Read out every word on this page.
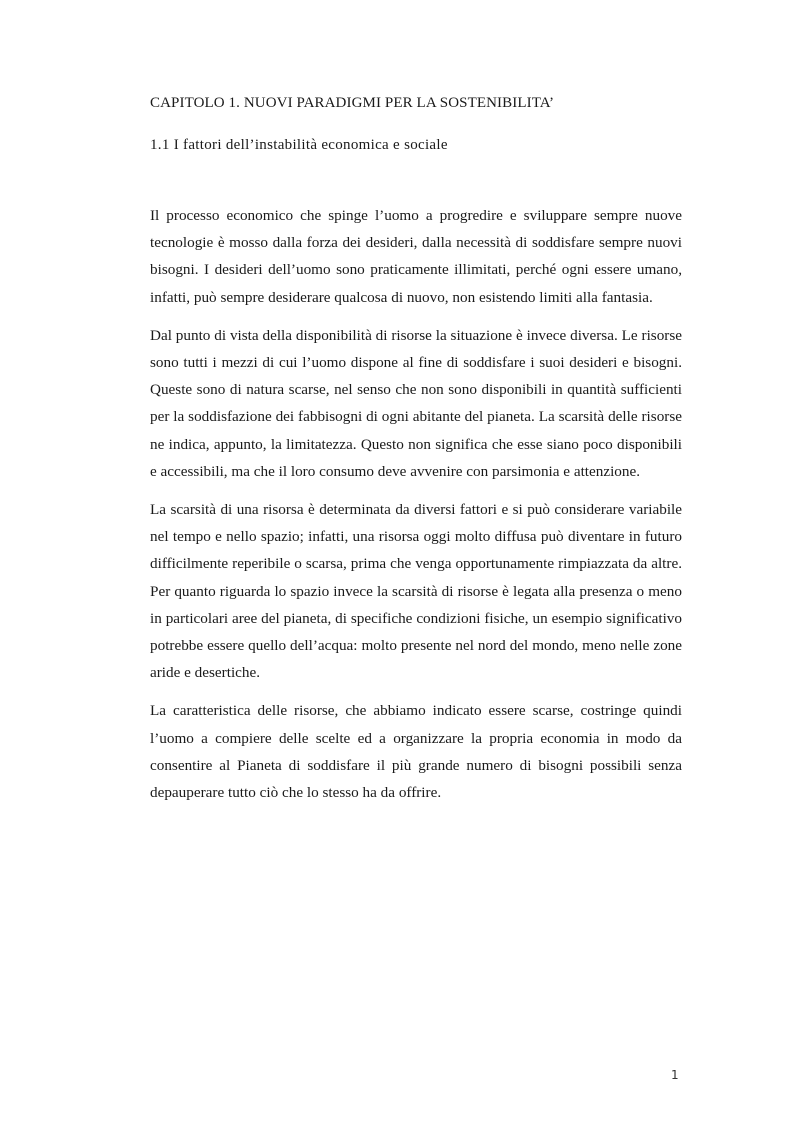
CAPITOLO 1. NUOVI PARADIGMI PER LA SOSTENIBILITA’
1.1 I fattori dell’instabilità economica e sociale

Il processo economico che spinge l’uomo a progredire e sviluppare sempre nuove tecnologie è mosso dalla forza dei desideri, dalla necessità di soddisfare sempre nuovi bisogni. I desideri dell’uomo sono praticamente illimitati, perché ogni essere umano, infatti, può sempre desiderare qualcosa di nuovo, non esistendo limiti alla fantasia.

Dal punto di vista della disponibilità di risorse la situazione è invece diversa. Le risorse sono tutti i mezzi di cui l’uomo dispone al fine di soddisfare i suoi desideri e bisogni. Queste sono di natura scarse, nel senso che non sono disponibili in quantità sufficienti per la soddisfazione dei fabbisogni di ogni abitante del pianeta. La scarsità delle risorse ne indica, appunto, la limitatezza. Questo non significa che esse siano poco disponibili e accessibili, ma che il loro consumo deve avvenire con parsimonia e attenzione.

La scarsità di una risorsa è determinata da diversi fattori e si può considerare variabile nel tempo e nello spazio; infatti, una risorsa oggi molto diffusa può diventare in futuro difficilmente reperibile o scarsa, prima che venga opportunamente rimpiazzata da altre. Per quanto riguarda lo spazio invece la scarsità di risorse è legata alla presenza o meno in particolari aree del pianeta, di specifiche condizioni fisiche, un esempio significativo potrebbe essere quello dell’acqua: molto presente nel nord del mondo, meno nelle zone aride e desertiche.

La caratteristica delle risorse, che abbiamo indicato essere scarse, costringe quindi l’uomo a compiere delle scelte ed a organizzare la propria economia in modo da consentire al Pianeta di soddisfare il più grande numero di bisogni possibili senza depauperare tutto ciò che lo stesso ha da offrire.

1
